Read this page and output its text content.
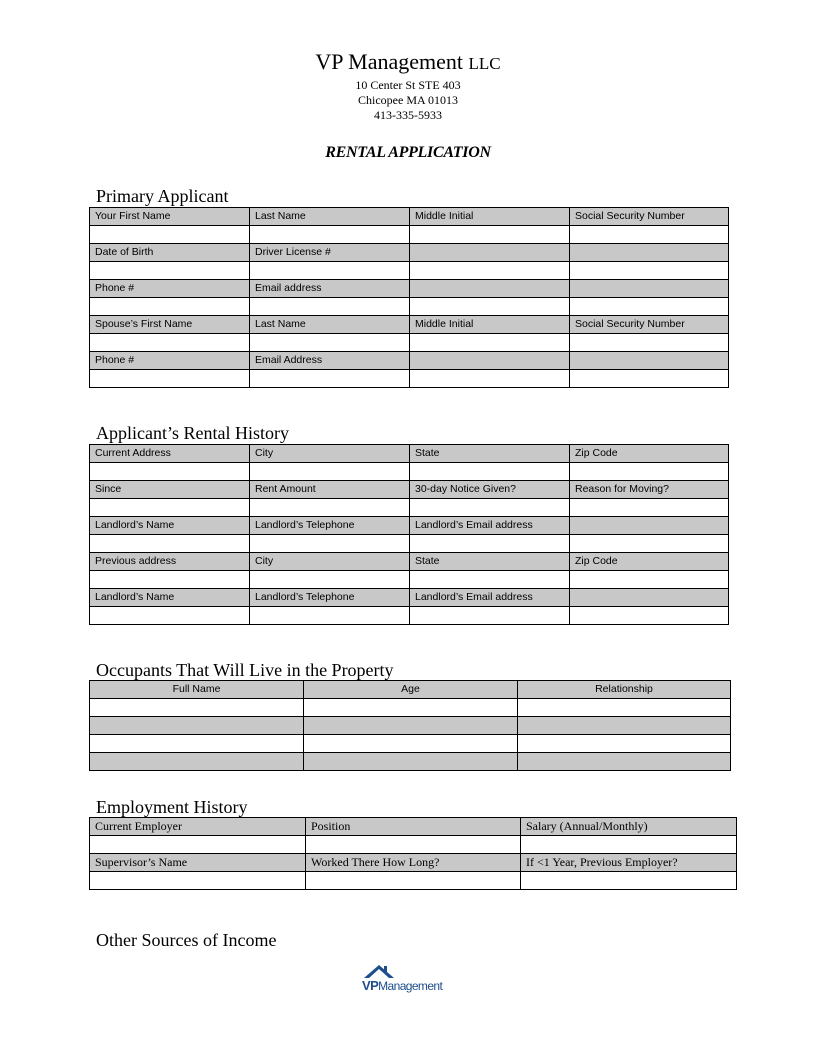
VP Management LLC
10 Center St STE 403
Chicopee MA 01013
413-335-5933
RENTAL APPLICATION
Primary Applicant
Your First Name	Last Name	Middle Initial	Social Security Number

Date of Birth	Driver License #		

Phone #	Email address		

Spouse’s First Name	Last Name	Middle Initial	Social Security Number

Phone #	Email Address		

Applicant’s Rental History
Current Address	City	State	Zip Code

Since	Rent Amount	30-day Notice Given?	Reason for Moving?

Landlord’s Name	Landlord’s Telephone	Landlord’s Email address	

Previous address	City	State	Zip Code

Landlord’s Name	Landlord’s Telephone	Landlord’s Email address	

Occupants That Will Live in the Property
Full Name	Age	Relationship

Employment History
Current Employer	Position	Salary (Annual/Monthly)

Supervisor’s Name	Worked There How Long?	If <1 Year, Previous Employer?

Other Sources of Income
VPManagement
